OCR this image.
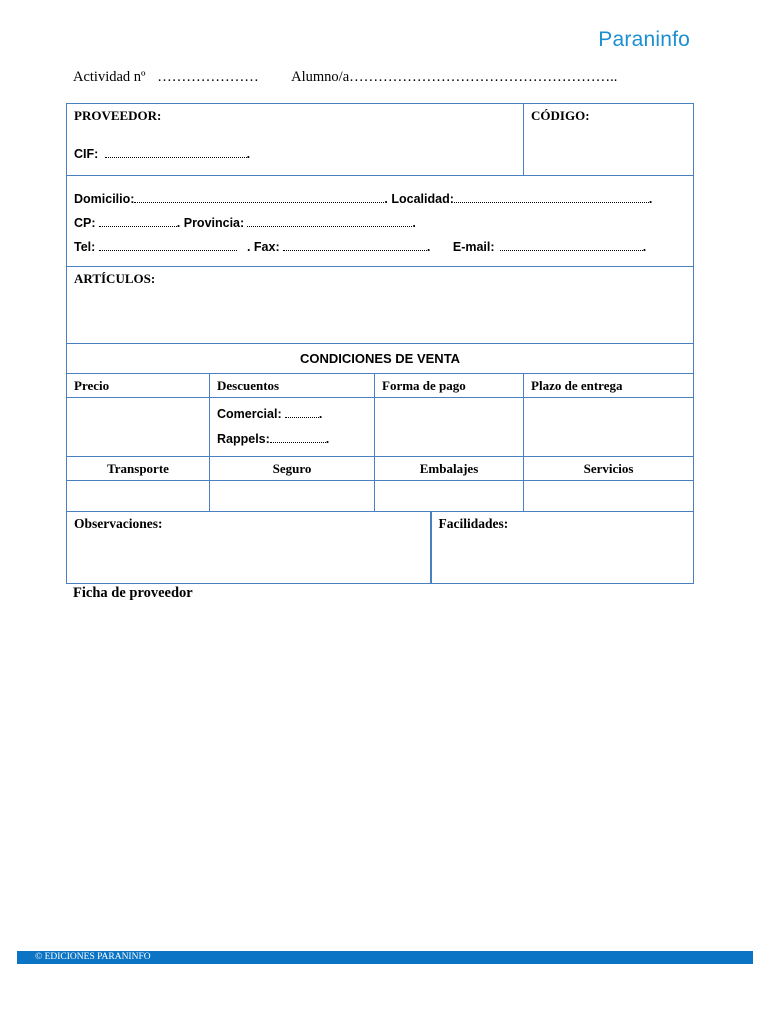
Paraninfo
Actividad nº ………………… Alumno/a………………………………………………..
PROVEEDOR:
CIF: .				CÓDIGO:

Domicilio: . Localidad: .
CP: . Provincia: .
Tel: . Fax: . E-mail: .				

ARTÍCULOS:				

CONDICIONES DE VENTA				
Precio	Descuentos	Forma de pago		Plazo de entrega

	Comercial: .
Rappels: .			

Transporte	Seguro	Embalajes		Servicios

Observaciones:			Facilidades:	
Ficha de proveedor
© EDICIONES PARANINFO
